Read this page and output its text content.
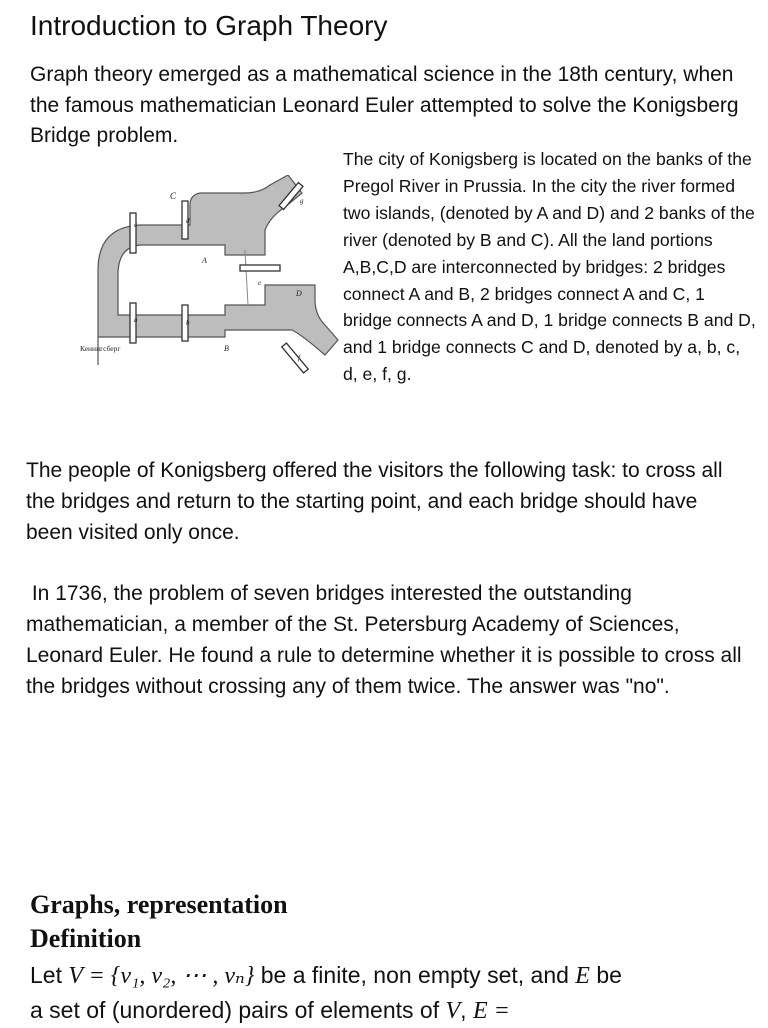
Introduction to Graph Theory

Graph theory emerged as a mathematical science in the 18th century, when the famous mathematician Leonard Euler attempted to solve the Konigsberg Bridge problem.

C
A
D
B
a	b
c	d
e
f
g
Кенингсберг

The city of Konigsberg is located on the banks of the Pregol River in Prussia. In the city the river formed two islands, (denoted by A and D) and 2 banks of the river (denoted by B and C). All the land portions A,B,C,D are interconnected by bridges: 2 bridges connect A and B, 2 bridges connect A and C, 1 bridge connects A and D, 1 bridge connects B and D, and 1 bridge connects C and D, denoted by a, b, c, d, e, f, g.

The people of Konigsberg offered the visitors the following task: to cross all the bridges and return to the starting point, and each bridge should have been visited only once.

In 1736, the problem of seven bridges interested the outstanding mathematician, a member of the St. Petersburg Academy of Sciences, Leonard Euler. He found a rule to determine whether it is possible to cross all the bridges without crossing any of them twice. The answer was "no".

Graphs, representation
Definition

Let V = {v₁, v₂, ⋯ , vₙ} be a finite, non empty set, and E be
a set of (unordered) pairs of elements of V, E =
